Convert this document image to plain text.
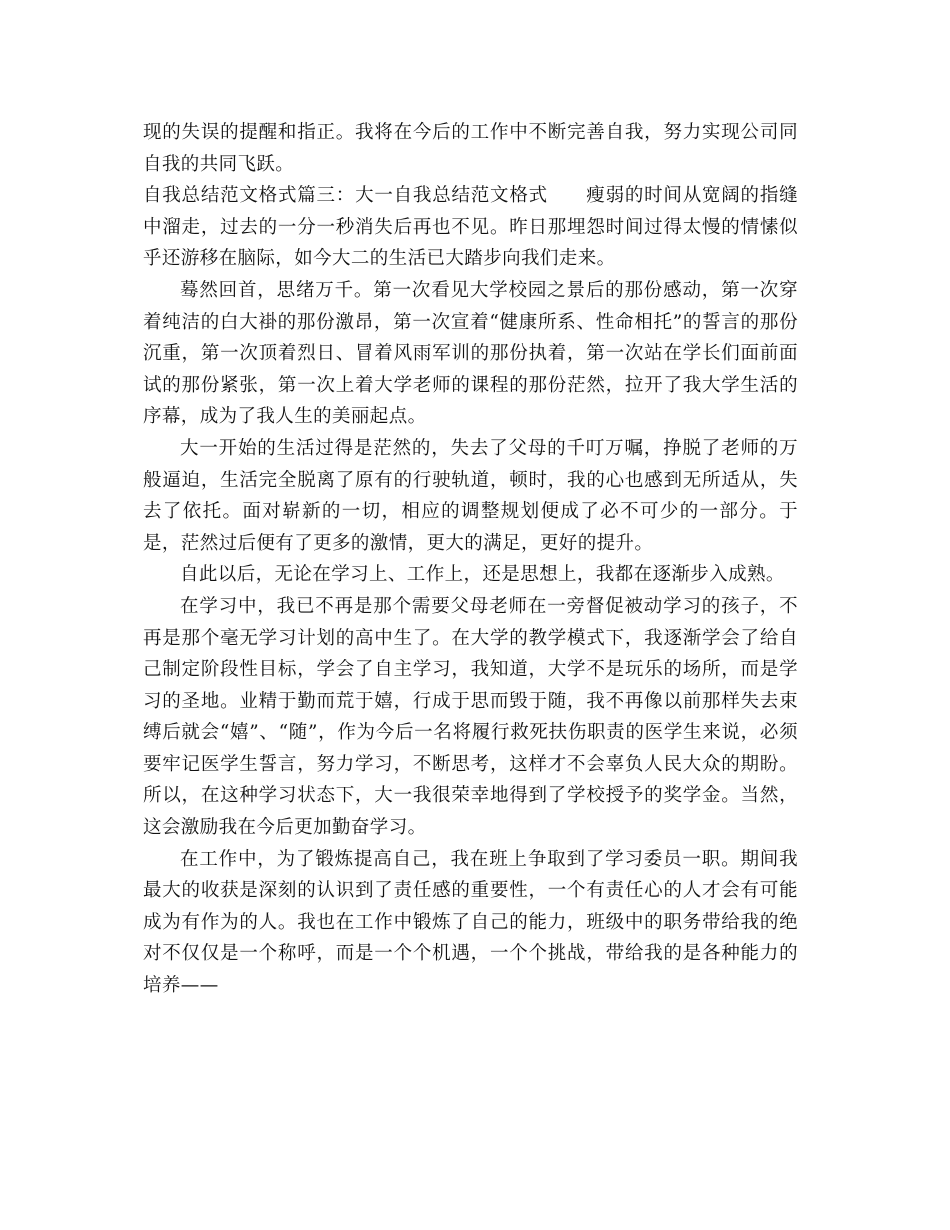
现的失误的提醒和指正。我将在今后的工作中不断完善自我，努力实现公司同自我的共同飞跃。

自我总结范文格式篇三：大一自我总结范文格式 瘦弱的时间从宽阔的指缝中溜走，过去的一分一秒消失后再也不见。昨日那埋怨时间过得太慢的情愫似乎还游移在脑际，如今大二的生活已大踏步向我们走来。

蓦然回首，思绪万千。第一次看见大学校园之景后的那份感动，第一次穿着纯洁的白大褂的那份激昂，第一次宣着“健康所系、性命相托”的誓言的那份沉重，第一次顶着烈日、冒着风雨军训的那份执着，第一次站在学长们面前面试的那份紧张，第一次上着大学老师的课程的那份茫然，拉开了我大学生活的序幕，成为了我人生的美丽起点。

大一开始的生活过得是茫然的，失去了父母的千叮万嘱，挣脱了老师的万般逼迫，生活完全脱离了原有的行驶轨道，顿时，我的心也感到无所适从，失去了依托。面对崭新的一切，相应的调整规划便成了必不可少的一部分。于是，茫然过后便有了更多的激情，更大的满足，更好的提升。

自此以后，无论在学习上、工作上，还是思想上，我都在逐渐步入成熟。

在学习中，我已不再是那个需要父母老师在一旁督促被动学习的孩子，不再是那个毫无学习计划的高中生了。在大学的教学模式下，我逐渐学会了给自己制定阶段性目标，学会了自主学习，我知道，大学不是玩乐的场所，而是学习的圣地。业精于勤而荒于嬉，行成于思而毁于随，我不再像以前那样失去束缚后就会“嬉”、“随”，作为今后一名将履行救死扶伤职责的医学生来说，必须要牢记医学生誓言，努力学习，不断思考，这样才不会辜负人民大众的期盼。所以，在这种学习状态下，大一我很荣幸地得到了学校授予的奖学金。当然，这会激励我在今后更加勤奋学习。

在工作中，为了锻炼提高自己，我在班上争取到了学习委员一职。期间我最大的收获是深刻的认识到了责任感的重要性，一个有责任心的人才会有可能成为有作为的人。我也在工作中锻炼了自己的能力，班级中的职务带给我的绝对不仅仅是一个称呼，而是一个个机遇，一个个挑战，带给我的是各种能力的培养——
